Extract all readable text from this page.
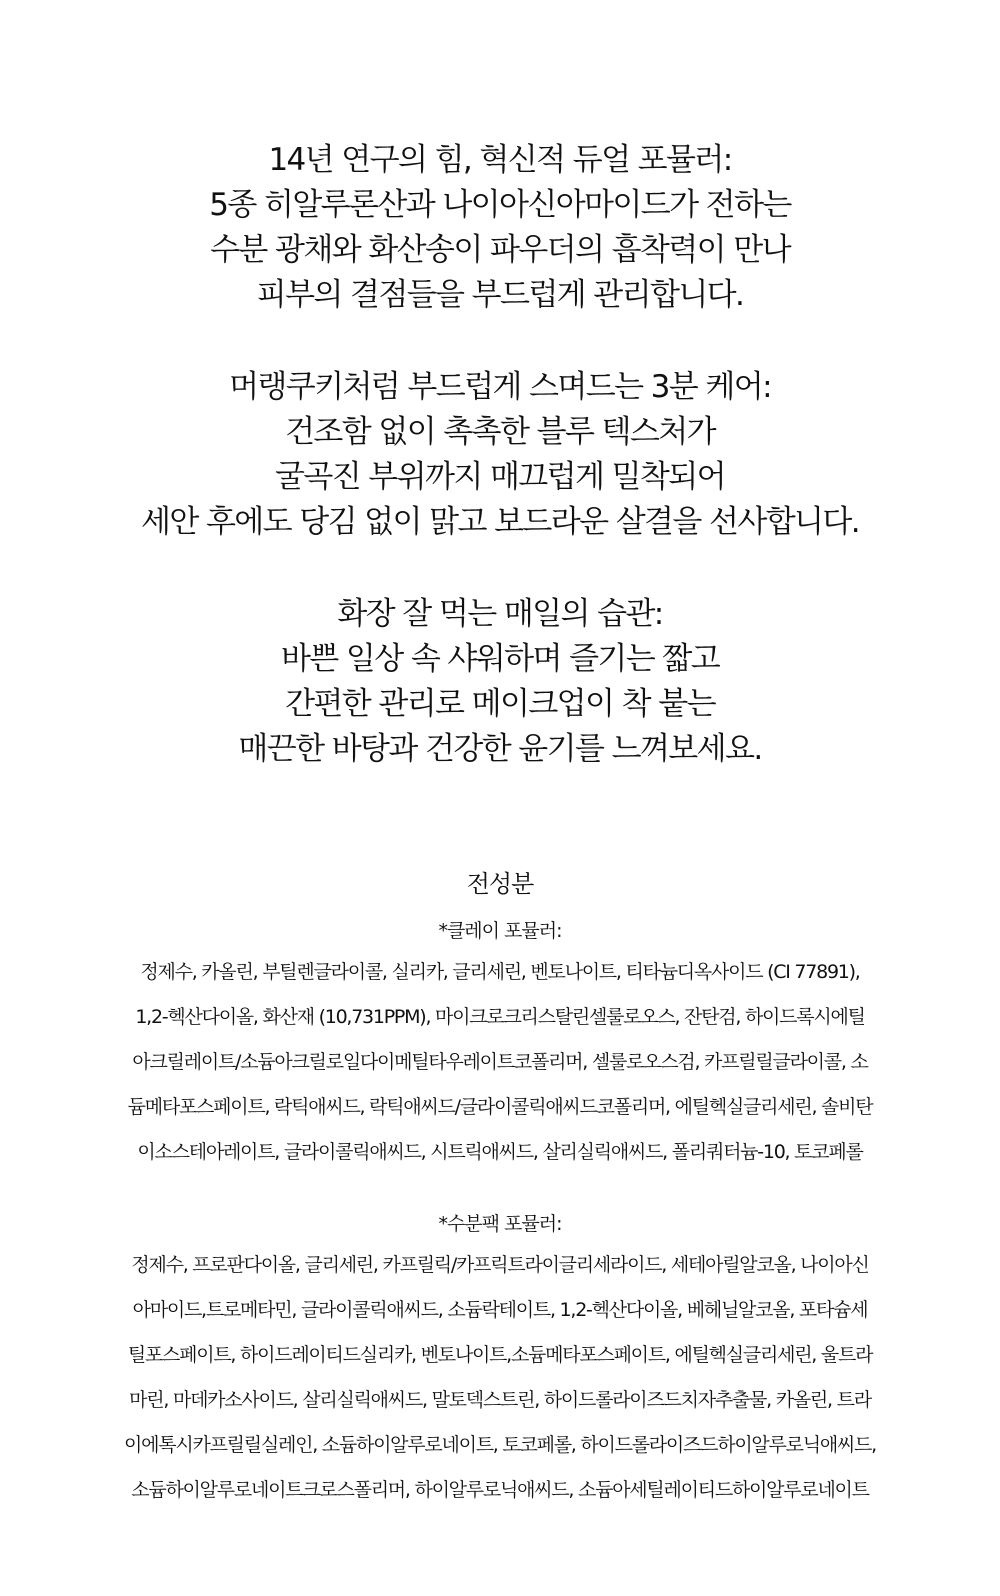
14년 연구의 힘, 혁신적 듀얼 포뮬러:

5종 히알루론산과 나이아신아마이드가 전하는

수분 광채와 화산송이 파우더의 흡착력이 만나

피부의 결점들을 부드럽게 관리합니다.

머랭쿠키처럼 부드럽게 스며드는 3분 케어:

건조함 없이 촉촉한 블루 텍스처가

굴곡진 부위까지 매끄럽게 밀착되어

세안 후에도 당김 없이 맑고 보드라운 살결을 선사합니다.

화장 잘 먹는 매일의 습관:

바쁜 일상 속 샤워하며 즐기는 짧고

간편한 관리로 메이크업이 착 붙는

매끈한 바탕과 건강한 윤기를 느껴보세요.

전성분

*클레이 포뮬러:

정제수, 카올린, 부틸렌글라이콜, 실리카, 글리세린, 벤토나이트, 티타늄디옥사이드 (CI 77891),

1,2-헥산다이올, 화산재 (10,731PPM), 마이크로크리스탈린셀룰로오스, 잔탄검, 하이드록시에틸

아크릴레이트/소듐아크릴로일다이메틸타우레이트코폴리머, 셀룰로오스검, 카프릴릴글라이콜, 소

듐메타포스페이트, 락틱애씨드, 락틱애씨드/글라이콜릭애씨드코폴리머, 에틸헥실글리세린, 솔비탄

이소스테아레이트, 글라이콜릭애씨드, 시트릭애씨드, 살리실릭애씨드, 폴리쿼터늄-10, 토코페롤

*수분팩 포뮬러:

정제수, 프로판다이올, 글리세린, 카프릴릭/카프릭트라이글리세라이드, 세테아릴알코올, 나이아신

아마이드,트로메타민, 글라이콜릭애씨드, 소듐락테이트, 1,2-헥산다이올, 베헤닐알코올, 포타슘세

틸포스페이트, 하이드레이티드실리카, 벤토나이트,소듐메타포스페이트, 에틸헥실글리세린, 울트라

마린, 마데카소사이드, 살리실릭애씨드, 말토덱스트린, 하이드롤라이즈드치자추출물, 카올린, 트라

이에톡시카프릴릴실레인, 소듐하이알루로네이트, 토코페롤, 하이드롤라이즈드하이알루로닉애씨드,

소듐하이알루로네이트크로스폴리머, 하이알루로닉애씨드, 소듐아세틸레이티드하이알루로네이트
